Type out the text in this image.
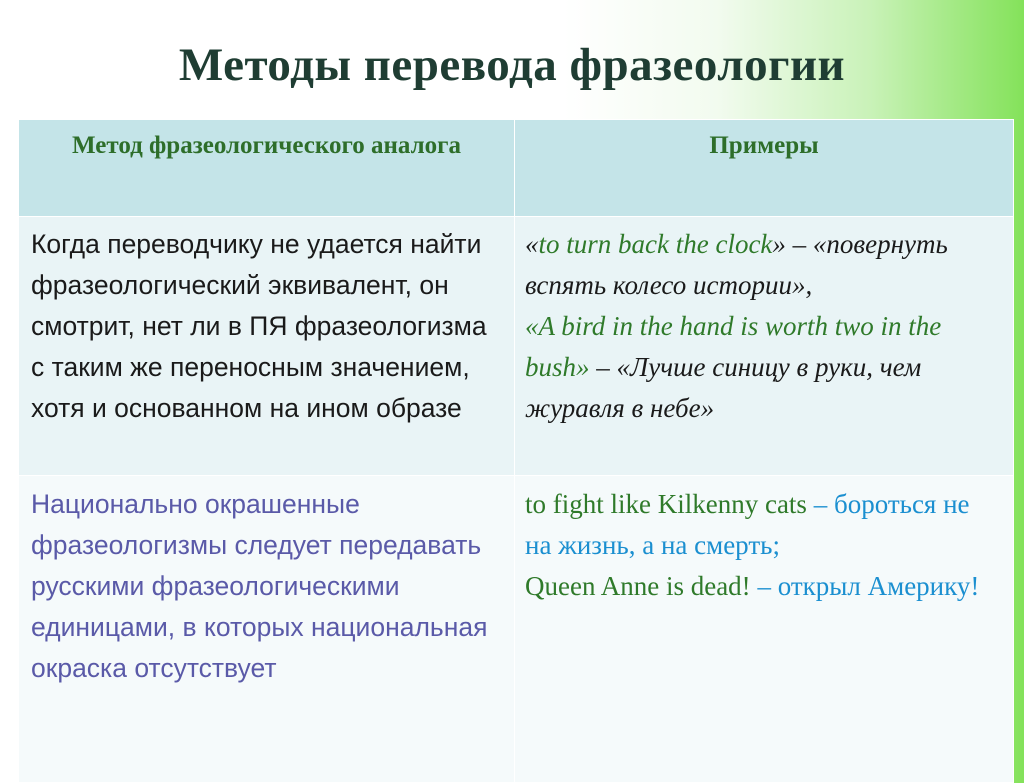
Методы перевода фразеологии
Метод фразеологического аналога	Примеры
Когда переводчику не удается найти фразеологический эквивалент, он смотрит, нет ли в ПЯ фразеологизма с таким же переносным значением, хотя и основанном на ином образе	«to turn back the clock» – «повернуть вспять колесо истории»,
«A bird in the hand is worth two in the bush» – «Лучше синицу в руки, чем журавля в небе»
Национально окрашенные фразеологизмы следует передавать русскими фразеологическими единицами, в которых национальная окраска отсутствует	to fight like Kilkenny cats – бороться не на жизнь, а на смерть;
Queen Anne is dead! – открыл Америку!
